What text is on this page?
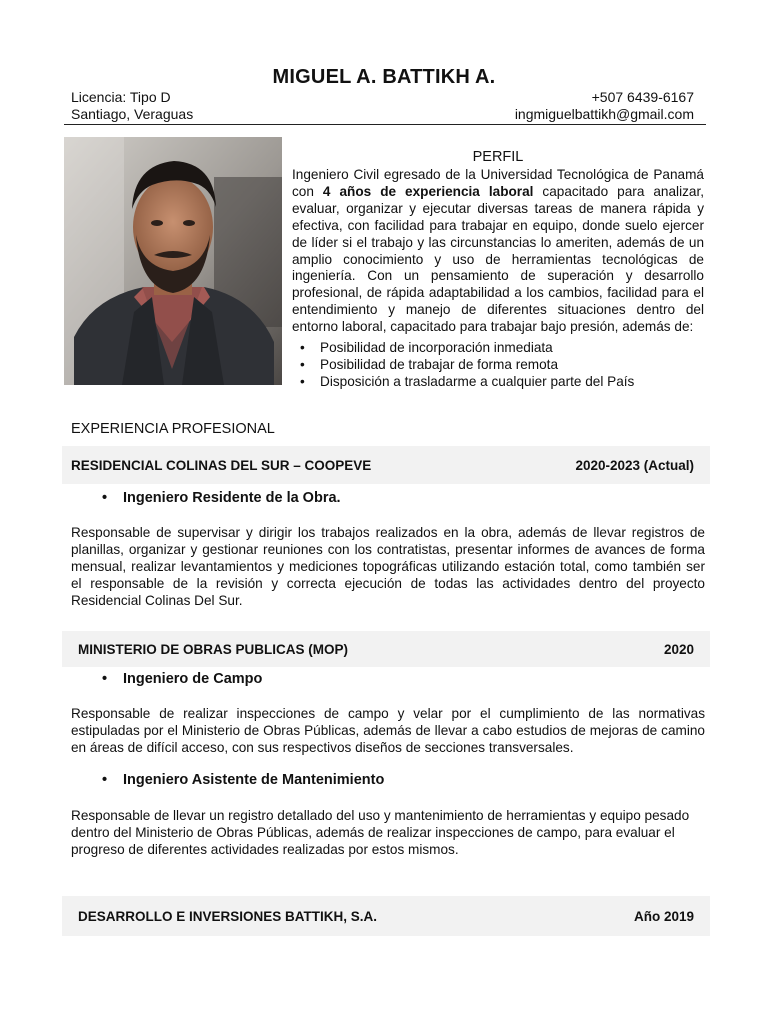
MIGUEL A. BATTIKH A.
Licencia: Tipo D
Santiago, Veraguas
+507 6439-6167
ingmiguelbattikh@gmail.com
PERFIL
Ingeniero Civil egresado de la Universidad Tecnológica de Panamá con 4 años de experiencia laboral capacitado para analizar, evaluar, organizar y ejecutar diversas tareas de manera rápida y efectiva, con facilidad para trabajar en equipo, donde suelo ejercer de líder si el trabajo y las circunstancias lo ameriten, además de un amplio conocimiento y uso de herramientas tecnológicas de ingeniería. Con un pensamiento de superación y desarrollo profesional, de rápida adaptabilidad a los cambios, facilidad para el entendimiento y manejo de diferentes situaciones dentro del entorno laboral, capacitado para trabajar bajo presión, además de:
• Posibilidad de incorporación inmediata
• Posibilidad de trabajar de forma remota
• Disposición a trasladarme a cualquier parte del País
EXPERIENCIA PROFESIONAL
RESIDENCIAL COLINAS DEL SUR – COOPEVE	2020-2023 (Actual)
•	Ingeniero Residente de la Obra.
Responsable de supervisar y dirigir los trabajos realizados en la obra, además de llevar registros de planillas, organizar y gestionar reuniones con los contratistas, presentar informes de avances de forma mensual, realizar levantamientos y mediciones topográficas utilizando estación total, como también ser el responsable de la revisión y correcta ejecución de todas las actividades dentro del proyecto Residencial Colinas Del Sur.
MINISTERIO DE OBRAS PUBLICAS (MOP)	2020
•	Ingeniero de Campo
Responsable de realizar inspecciones de campo y velar por el cumplimiento de las normativas estipuladas por el Ministerio de Obras Públicas, además de llevar a cabo estudios de mejoras de camino en áreas de difícil acceso, con sus respectivos diseños de secciones transversales.
•	Ingeniero Asistente de Mantenimiento
Responsable de llevar un registro detallado del uso y mantenimiento de herramientas y equipo pesado dentro del Ministerio de Obras Públicas, además de realizar inspecciones de campo, para evaluar el progreso de diferentes actividades realizadas por estos mismos.
DESARROLLO E INVERSIONES BATTIKH, S.A.	Año 2019
